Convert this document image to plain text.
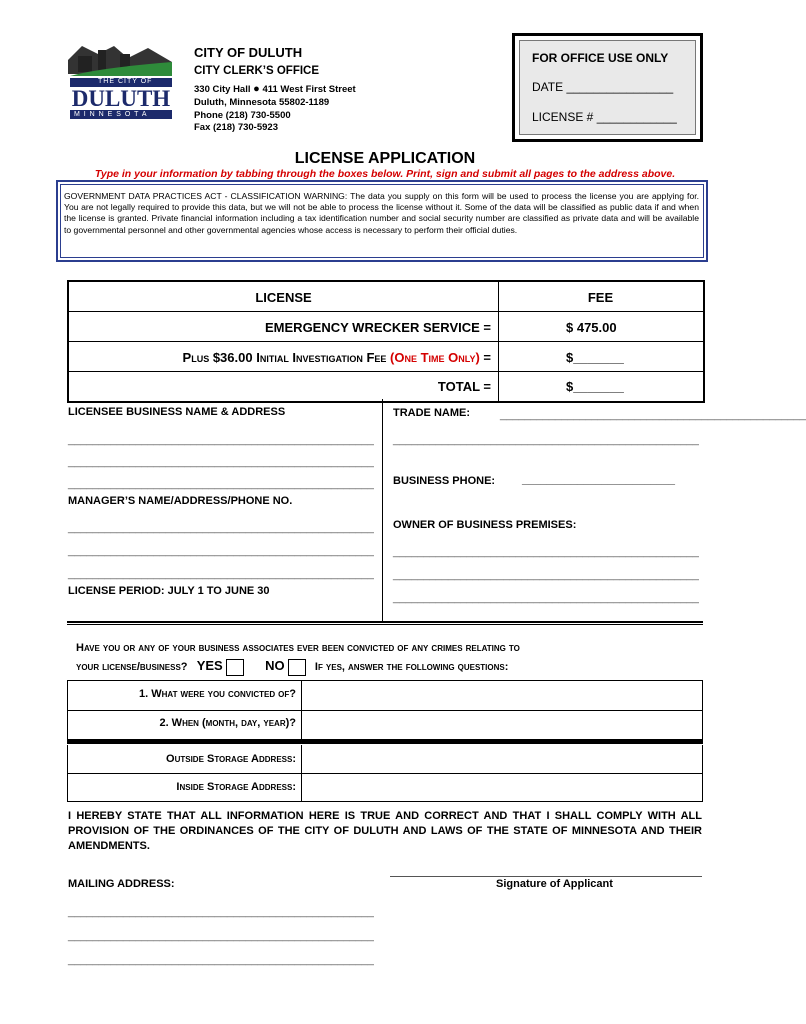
THE CITY OF
DULUTH
M I N N E S O T A
CITY OF DULUTH
CITY CLERK’S OFFICE
330 City Hall ● 411 West First Street
Duluth, Minnesota 55802-1189
Phone (218) 730-5500
Fax (218) 730-5923
FOR OFFICE USE ONLY
DATE ________________
LICENSE # ____________
LICENSE APPLICATION
Type in your information by tabbing through the boxes below. Print, sign and submit all pages to the address above.
GOVERNMENT DATA PRACTICES ACT - CLASSIFICATION WARNING: The data you supply on this form will be used to process the license you are applying for. You are not legally required to provide this data, but we will not be able to process the license without it. Some of the data will be classified as public data if and when the license is granted. Private financial information including a tax identification number and social security number are classified as private data and will be available to governmental personnel and other governmental agencies whose access is necessary to perform their official duties.
LICENSE	FEE
EMERGENCY WRECKER SERVICE =	$ 475.00
Plus $36.00 Initial Investigation Fee (One Time Only) =	$_______
TOTAL =	$_______
LICENSEE BUSINESS NAME & ADDRESS
__________________________________________________
__________________________________________________
__________________________________________________
MANAGER’S NAME/ADDRESS/PHONE NO.
__________________________________________________
__________________________________________________
__________________________________________________
LICENSE PERIOD: JULY 1 TO JUNE 30
TRADE NAME:	__________________________________________________
__________________________________________________
BUSINESS PHONE: _________________________
OWNER OF BUSINESS PREMISES:
__________________________________________________
__________________________________________________
__________________________________________________
Have you or any of your business associates ever been convicted of any crimes relating to
your license/business? YES	NO	If yes, answer the following questions:
1. What were you convicted of?
2. When (month, day, year)?
Outside Storage Address:
Inside Storage Address:
I HEREBY STATE THAT ALL INFORMATION HERE IS TRUE AND CORRECT AND THAT I SHALL COMPLY WITH ALL PROVISION OF THE ORDINANCES OF THE CITY OF DULUTH AND LAWS OF THE STATE OF MINNESOTA AND THEIR AMENDMENTS.
MAILING ADDRESS:	Signature of Applicant
__________________________________________________
__________________________________________________
__________________________________________________
